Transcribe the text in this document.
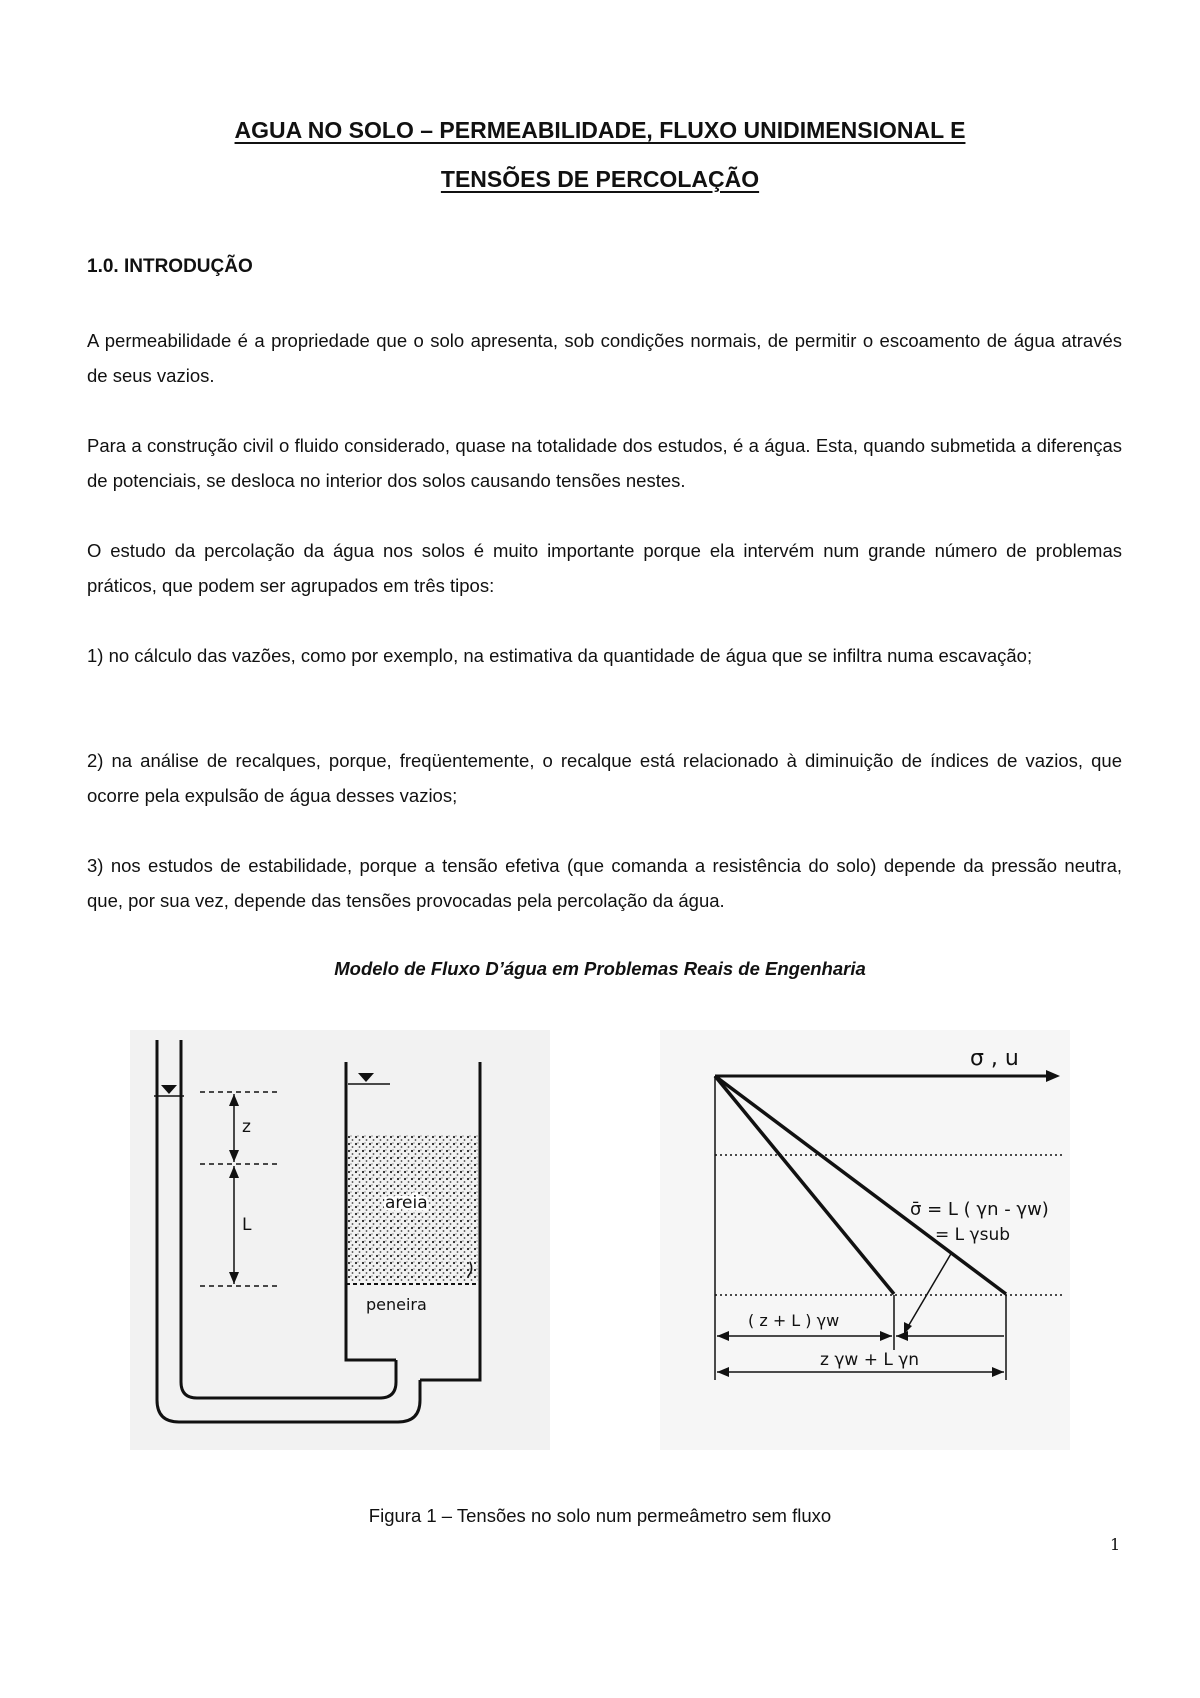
AGUA NO SOLO – PERMEABILIDADE, FLUXO UNIDIMENSIONAL E
TENSÕES DE PERCOLAÇÃO
1.0. INTRODUÇÃO
A permeabilidade é a propriedade que o solo apresenta, sob condições normais, de permitir o escoamento de água através de seus vazios.
Para a construção civil o fluido considerado, quase na totalidade dos estudos, é a água. Esta, quando submetida a diferenças de potenciais, se desloca no interior dos solos causando tensões nestes.
O estudo da percolação da água nos solos é muito importante porque ela intervém num grande número de problemas práticos, que podem ser agrupados em três tipos:
1) no cálculo das vazões, como por exemplo, na estimativa da quantidade de água que se infiltra numa escavação;
2) na análise de recalques, porque, freqüentemente, o recalque está relacionado à diminuição de índices de vazios, que ocorre pela expulsão de água desses vazios;
3) nos estudos de estabilidade, porque a tensão efetiva (que comanda a resistência do solo) depende da pressão neutra, que, por sua vez, depende das tensões provocadas pela percolação da água.
Modelo de Fluxo D’água em Problemas Reais de Engenharia
z
L
areia
peneira
σ , u
σ̄ = L ( γn - γw)
= L γsub
( z + L ) γw
z γw + L γn
Figura 1 – Tensões no solo num permeâmetro sem fluxo
1
